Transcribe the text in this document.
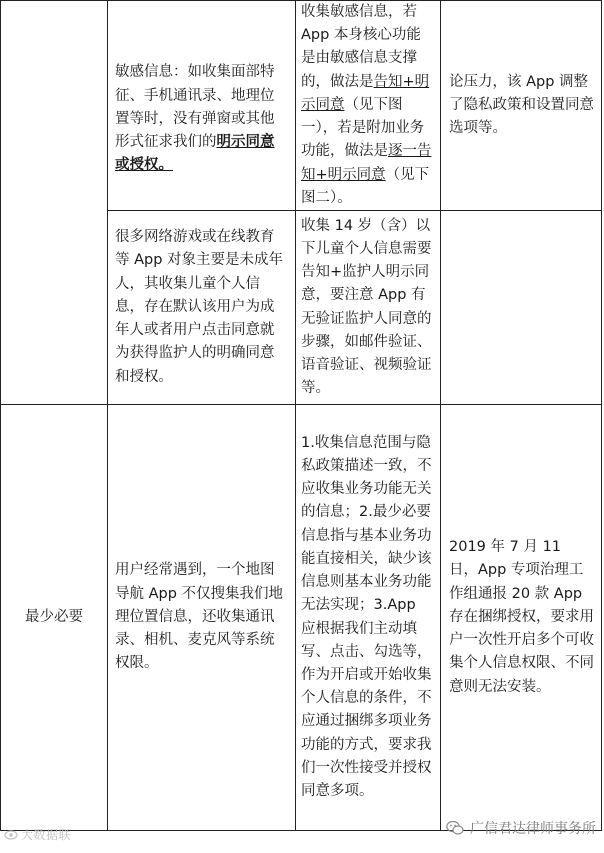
	敏感信息：如收集面部特征、手机通讯录、地理位置等时，没有弹窗或其他形式征求我们的明示同意或授权。	收集敏感信息，若 App 本身核心功能是由敏感信息支撑的，做法是告知+明示同意（见下图一），若是附加业务功能，做法是逐一告知+明示同意（见下图二）。	论压力，该 App 调整了隐私政策和设置同意选项等。

	很多网络游戏或在线教育等 App 对象主要是未成年人，其收集儿童个人信息，存在默认该用户为成年人或者用户点击同意就为获得监护人的明确同意和授权。	收集 14 岁（含）以下儿童个人信息需要告知+监护人明示同意，要注意 App 有无验证监护人同意的步骤，如邮件验证、语音验证、视频验证等。	

最少必要	用户经常遇到，一个地图导航 App 不仅搜集我们地理位置信息，还收集通讯录、相机、麦克风等系统权限。	1.收集信息范围与隐私政策描述一致，不应收集业务功能无关的信息；2.最少必要信息指与基本业务功能直接相关，缺少该信息则基本业务功能无法实现；3.App 应根据我们主动填写、点击、勾选等，作为开启或开始收集个人信息的条件，不应通过捆绑多项业务功能的方式，要求我们一次性接受并授权同意多项。	2019 年 7 月 11 日，App 专项治理工作组通报 20 款 App 存在捆绑授权，要求用户一次性开启多个可收集个人信息权限、不同意则无法安装。
大数据联	广信君达律师事务所
